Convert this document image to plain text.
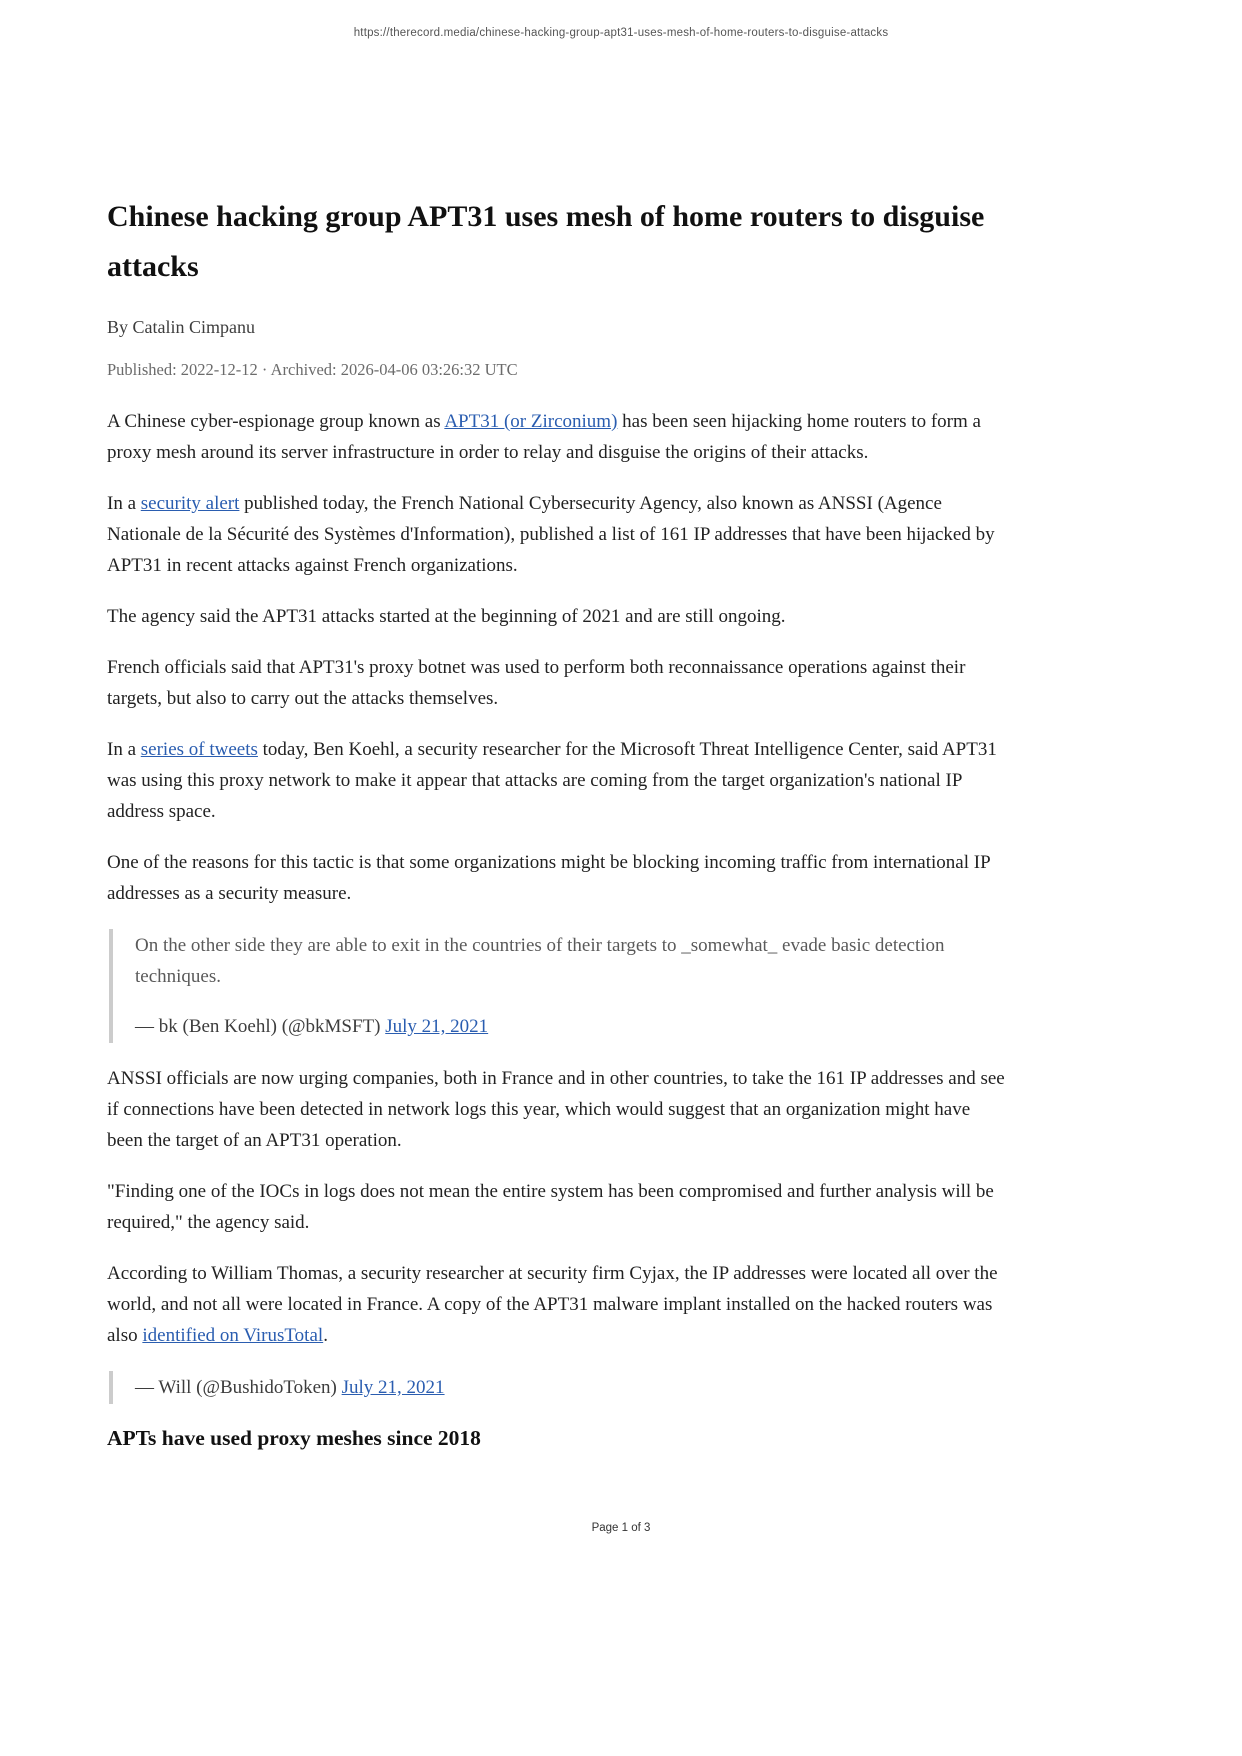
https://therecord.media/chinese-hacking-group-apt31-uses-mesh-of-home-routers-to-disguise-attacks
Chinese hacking group APT31 uses mesh of home routers to disguise attacks

By Catalin Cimpanu

Published: 2022-12-12 · Archived: 2026-04-06 03:26:32 UTC

A Chinese cyber-espionage group known as APT31 (or Zirconium) has been seen hijacking home routers to form a proxy mesh around its server infrastructure in order to relay and disguise the origins of their attacks.

In a security alert published today, the French National Cybersecurity Agency, also known as ANSSI (Agence Nationale de la Sécurité des Systèmes d'Information), published a list of 161 IP addresses that have been hijacked by APT31 in recent attacks against French organizations.

The agency said the APT31 attacks started at the beginning of 2021 and are still ongoing.

French officials said that APT31's proxy botnet was used to perform both reconnaissance operations against their targets, but also to carry out the attacks themselves.

In a series of tweets today, Ben Koehl, a security researcher for the Microsoft Threat Intelligence Center, said APT31 was using this proxy network to make it appear that attacks are coming from the target organization's national IP address space.

One of the reasons for this tactic is that some organizations might be blocking incoming traffic from international IP addresses as a security measure.

On the other side they are able to exit in the countries of their targets to _somewhat_ evade basic detection techniques.
— bk (Ben Koehl) (@bkMSFT) July 21, 2021

ANSSI officials are now urging companies, both in France and in other countries, to take the 161 IP addresses and see if connections have been detected in network logs this year, which would suggest that an organization might have been the target of an APT31 operation.

"Finding one of the IOCs in logs does not mean the entire system has been compromised and further analysis will be required," the agency said.

According to William Thomas, a security researcher at security firm Cyjax, the IP addresses were located all over the world, and not all were located in France. A copy of the APT31 malware implant installed on the hacked routers was also identified on VirusTotal.

— Will (@BushidoToken) July 21, 2021
APTs have used proxy meshes since 2018
Page 1 of 3
